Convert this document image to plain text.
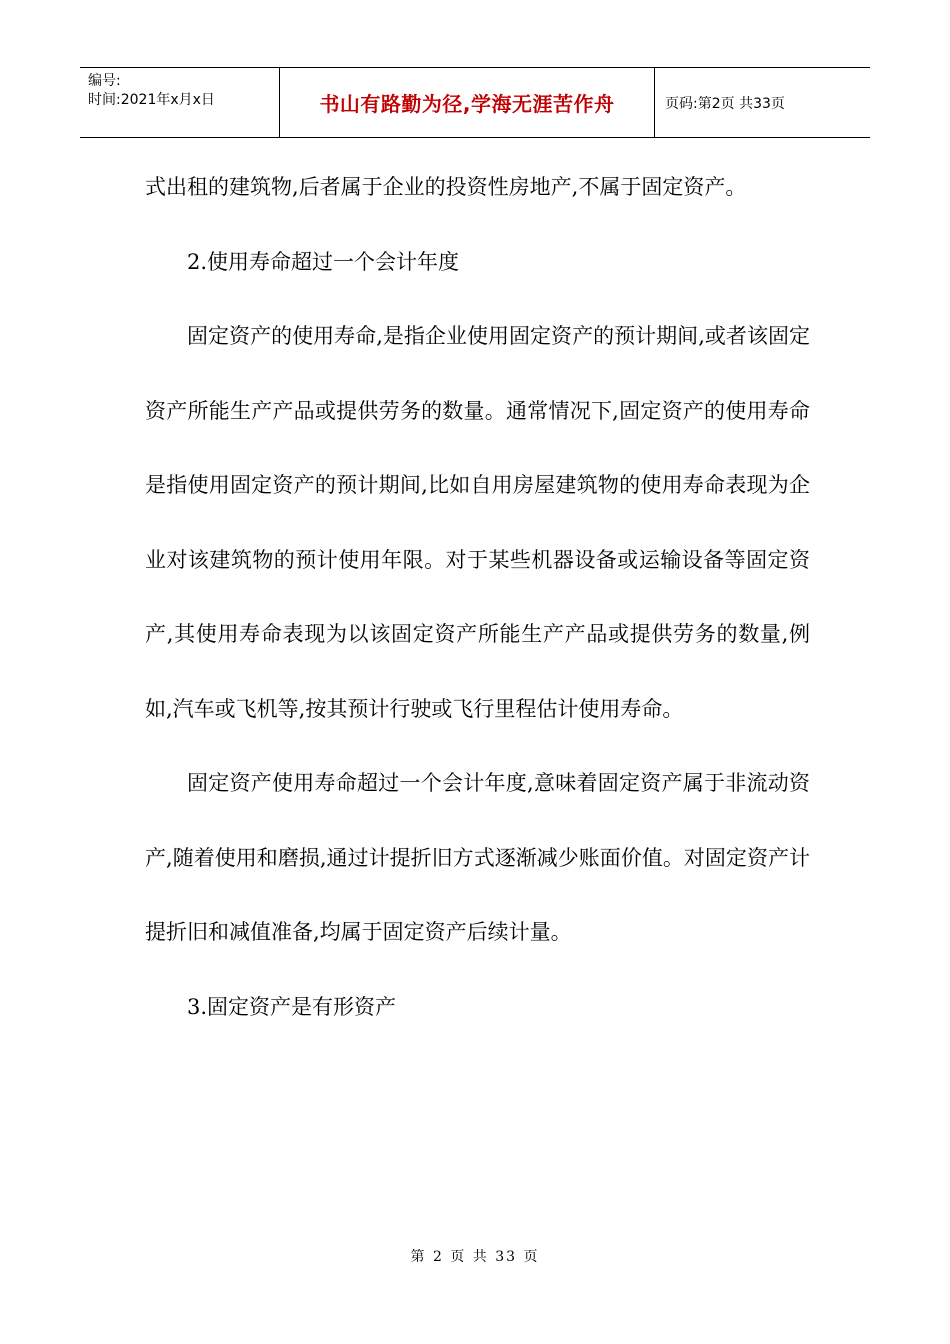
编号:
时间:2021年x月x日	书山有路勤为径,学海无涯苦作舟	页码:第2页 共33页

式出租的建筑物,后者属于企业的投资性房地产,不属于固定资产。

2.使用寿命超过一个会计年度

固定资产的使用寿命,是指企业使用固定资产的预计期间,或者该固定资产所能生产产品或提供劳务的数量。通常情况下,固定资产的使用寿命是指使用固定资产的预计期间,比如自用房屋建筑物的使用寿命表现为企业对该建筑物的预计使用年限。对于某些机器设备或运输设备等固定资产,其使用寿命表现为以该固定资产所能生产产品或提供劳务的数量,例如,汽车或飞机等,按其预计行驶或飞行里程估计使用寿命。

固定资产使用寿命超过一个会计年度,意味着固定资产属于非流动资产,随着使用和磨损,通过计提折旧方式逐渐减少账面价值。对固定资产计提折旧和减值准备,均属于固定资产后续计量。

3.固定资产是有形资产

第 2 页 共 33 页
